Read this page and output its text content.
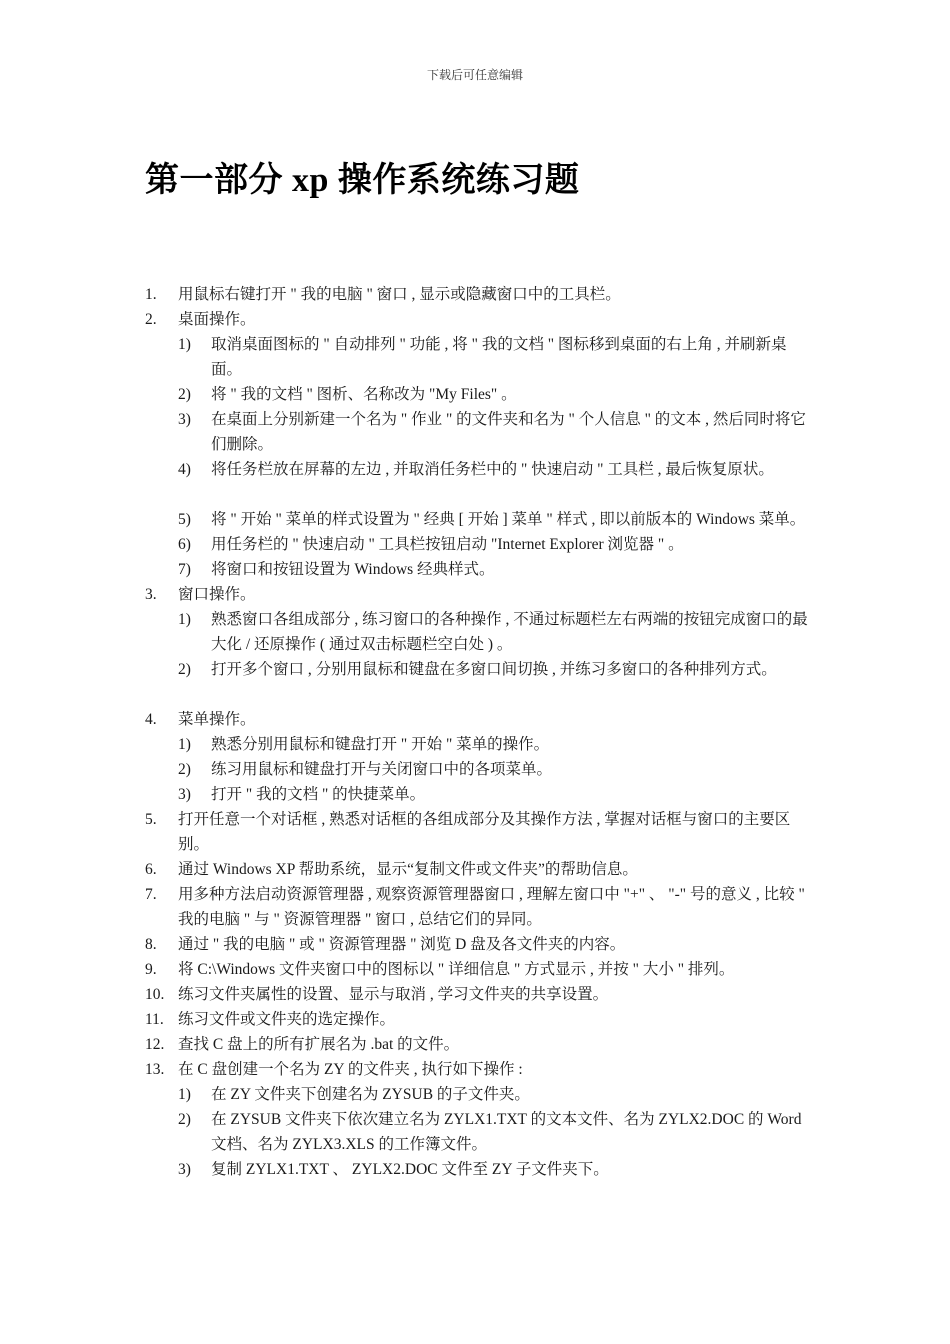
下载后可任意编辑
第一部分 xp 操作系统练习题
1. 用鼠标右键打开 " 我的电脑 " 窗口 , 显示或隐藏窗口中的工具栏。
2. 桌面操作。
1) 取消桌面图标的 " 自动排列 " 功能 , 将 " 我的文档 " 图标移到桌面的右上角 , 并刷新桌面。
2) 将 " 我的文档 " 图析、名称改为 "My Files" 。
3) 在桌面上分别新建一个名为 " 作业 " 的文件夹和名为 " 个人信息 " 的文本 , 然后同时将它们删除。
4) 将任务栏放在屏幕的左边 , 并取消任务栏中的 " 快速启动 " 工具栏 , 最后恢复原状。
5) 将 " 开始 " 菜单的样式设置为 " 经典 [ 开始 ] 菜单 " 样式 , 即以前版本的 Windows 菜单。
6) 用任务栏的 " 快速启动 " 工具栏按钮启动 "Internet Explorer 浏览器 " 。
7) 将窗口和按钮设置为 Windows 经典样式。
3. 窗口操作。
1) 熟悉窗口各组成部分 , 练习窗口的各种操作 , 不通过标题栏左右两端的按钮完成窗口的最大化 / 还原操作 ( 通过双击标题栏空白处 ) 。
2) 打开多个窗口 , 分别用鼠标和键盘在多窗口间切换 , 并练习多窗口的各种排列方式。
4. 菜单操作。
1) 熟悉分别用鼠标和键盘打开 " 开始 " 菜单的操作。
2) 练习用鼠标和键盘打开与关闭窗口中的各项菜单。
3) 打开 " 我的文档 " 的快捷菜单。
5. 打开任意一个对话框 , 熟悉对话框的各组成部分及其操作方法 , 掌握对话框与窗口的主要区别。
6. 通过 Windows XP 帮助系统，显示“复制文件或文件夹”的帮助信息。
7. 用多种方法启动资源管理器 , 观察资源管理器窗口 , 理解左窗口中 "+" 、 "-" 号的意义 , 比较 " 我的电脑 " 与 " 资源管理器 " 窗口 , 总结它们的异同。
8. 通过 " 我的电脑 " 或 " 资源管理器 " 浏览 D 盘及各文件夹的内容。
9. 将 C:\Windows 文件夹窗口中的图标以 " 详细信息 " 方式显示 , 并按 " 大小 " 排列。
10. 练习文件夹属性的设置、显示与取消 , 学习文件夹的共享设置。
11. 练习文件或文件夹的选定操作。
12. 查找 C 盘上的所有扩展名为 .bat 的文件。
13. 在 C 盘创建一个名为 ZY 的文件夹 , 执行如下操作 :
1) 在 ZY 文件夹下创建名为 ZYSUB 的子文件夹。
2) 在 ZYSUB 文件夹下依次建立名为 ZYLX1.TXT 的文本文件、名为 ZYLX2.DOC 的 Word 文档、名为 ZYLX3.XLS 的工作簿文件。
3) 复制 ZYLX1.TXT 、 ZYLX2.DOC 文件至 ZY 子文件夹下。
